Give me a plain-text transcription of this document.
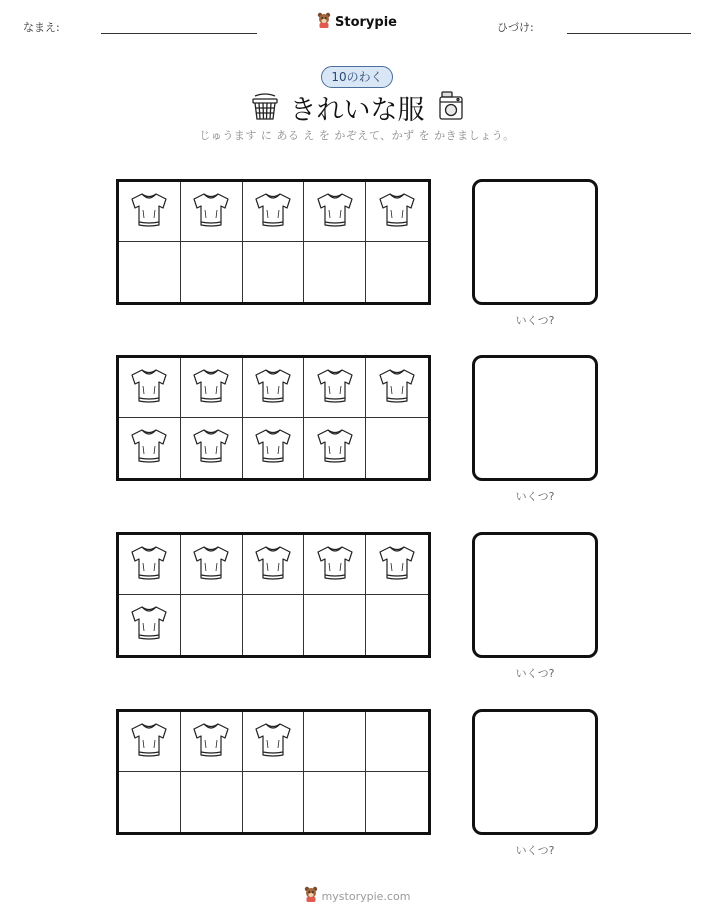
なまえ:	Storypie	ひづけ:
10のわく
きれいな服
じゅうます に ある え を かぞえて、かず を かきましょう。
いくつ?
いくつ?
いくつ?
いくつ?
mystorypie.com
